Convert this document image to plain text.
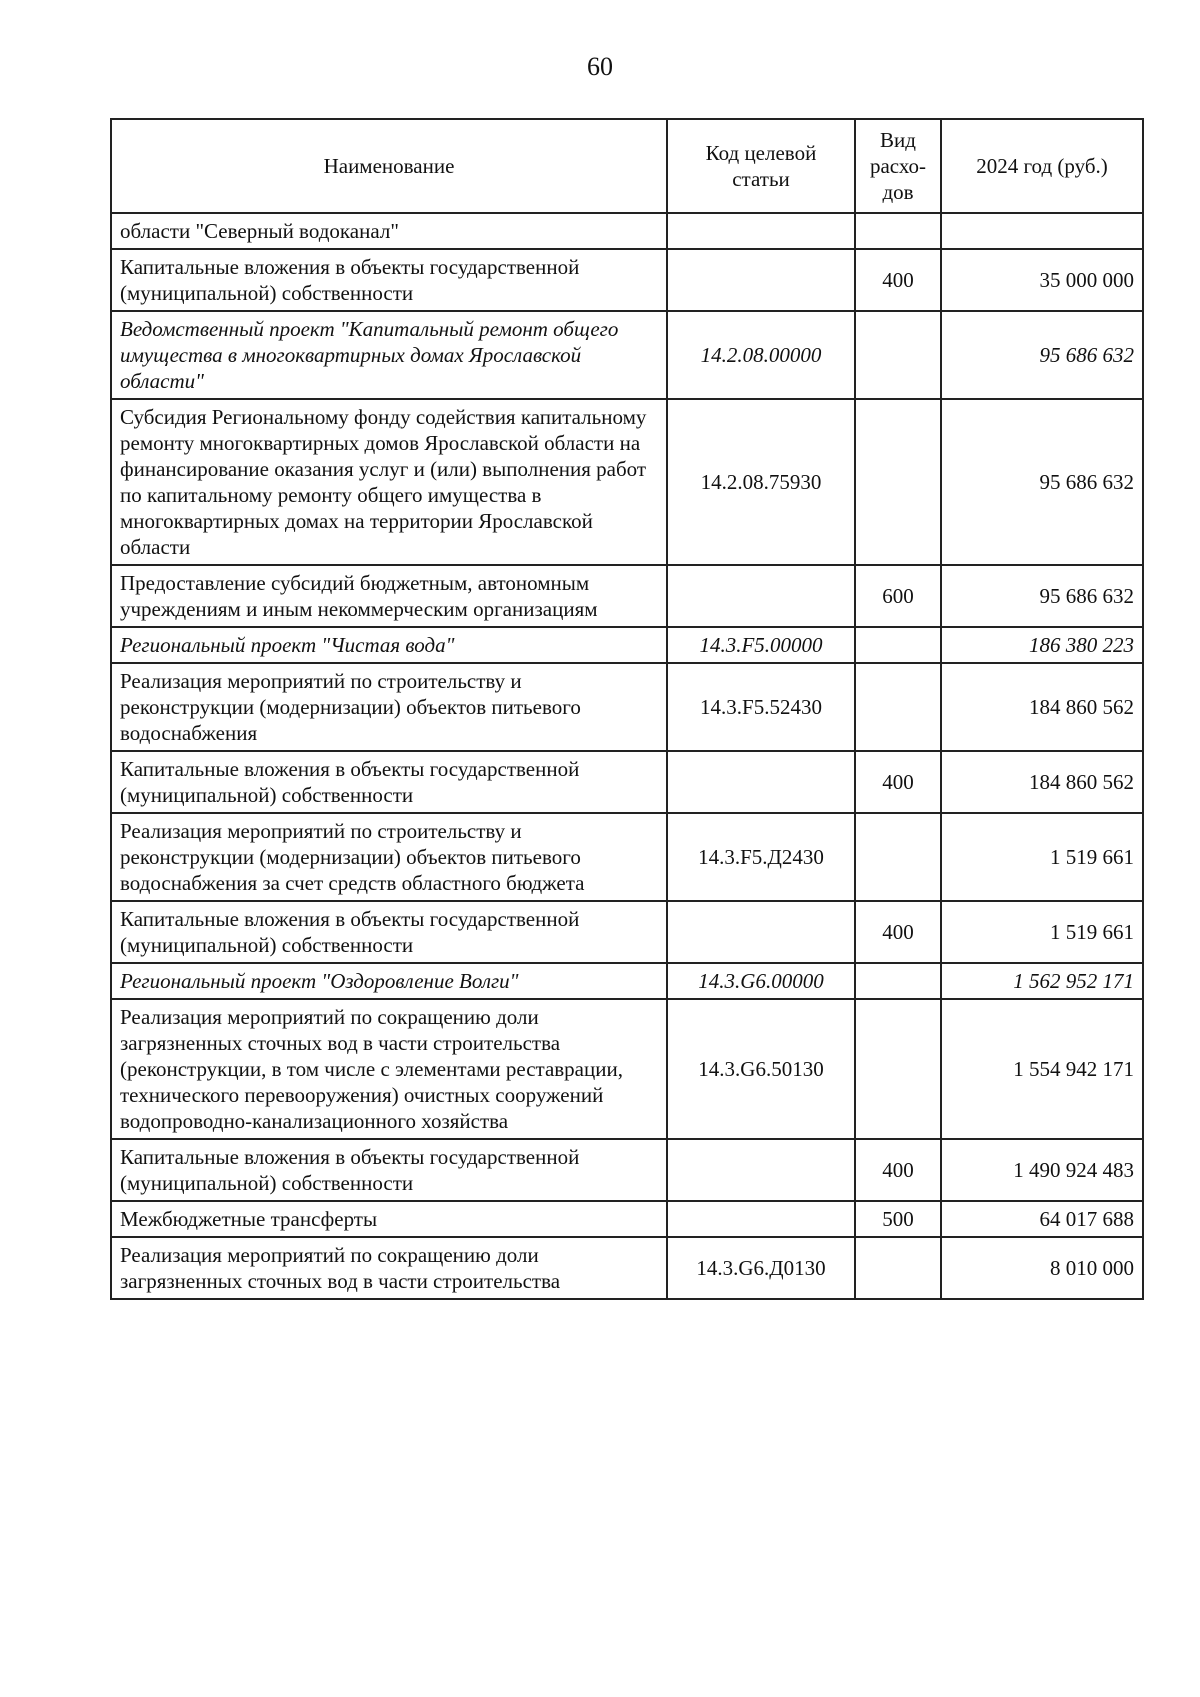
60
Наименование	Код целевой статьи	Вид расхо-дов	2024 год (руб.)
области "Северный водоканал"			
Капитальные вложения в объекты государственной (муниципальной) собственности		400	35 000 000
Ведомственный проект "Капитальный ремонт общего имущества в многоквартирных домах Ярославской области"	14.2.08.00000		95 686 632
Субсидия Региональному фонду содействия капитальному ремонту многоквартирных домов Ярославской области на финансирование оказания услуг и (или) выполнения работ по капитальному ремонту общего имущества в многоквартирных домах на территории Ярославской области	14.2.08.75930		95 686 632
Предоставление субсидий бюджетным, автономным учреждениям и иным некоммерческим организациям		600	95 686 632
Региональный проект "Чистая вода"	14.3.F5.00000		186 380 223
Реализация мероприятий по строительству и реконструкции (модернизации) объектов питьевого водоснабжения	14.3.F5.52430		184 860 562
Капитальные вложения в объекты государственной (муниципальной) собственности		400	184 860 562
Реализация мероприятий по строительству и реконструкции (модернизации) объектов питьевого водоснабжения за счет средств областного бюджета	14.3.F5.Д2430		1 519 661
Капитальные вложения в объекты государственной (муниципальной) собственности		400	1 519 661
Региональный проект "Оздоровление Волги"	14.3.G6.00000		1 562 952 171
Реализация мероприятий по сокращению доли загрязненных сточных вод в части строительства (реконструкции, в том числе с элементами реставрации, технического перевооружения) очистных сооружений водопроводно-канализационного хозяйства	14.3.G6.50130		1 554 942 171
Капитальные вложения в объекты государственной (муниципальной) собственности		400	1 490 924 483
Межбюджетные трансферты		500	64 017 688
Реализация мероприятий по сокращению доли загрязненных сточных вод в части строительства	14.3.G6.Д0130		8 010 000
